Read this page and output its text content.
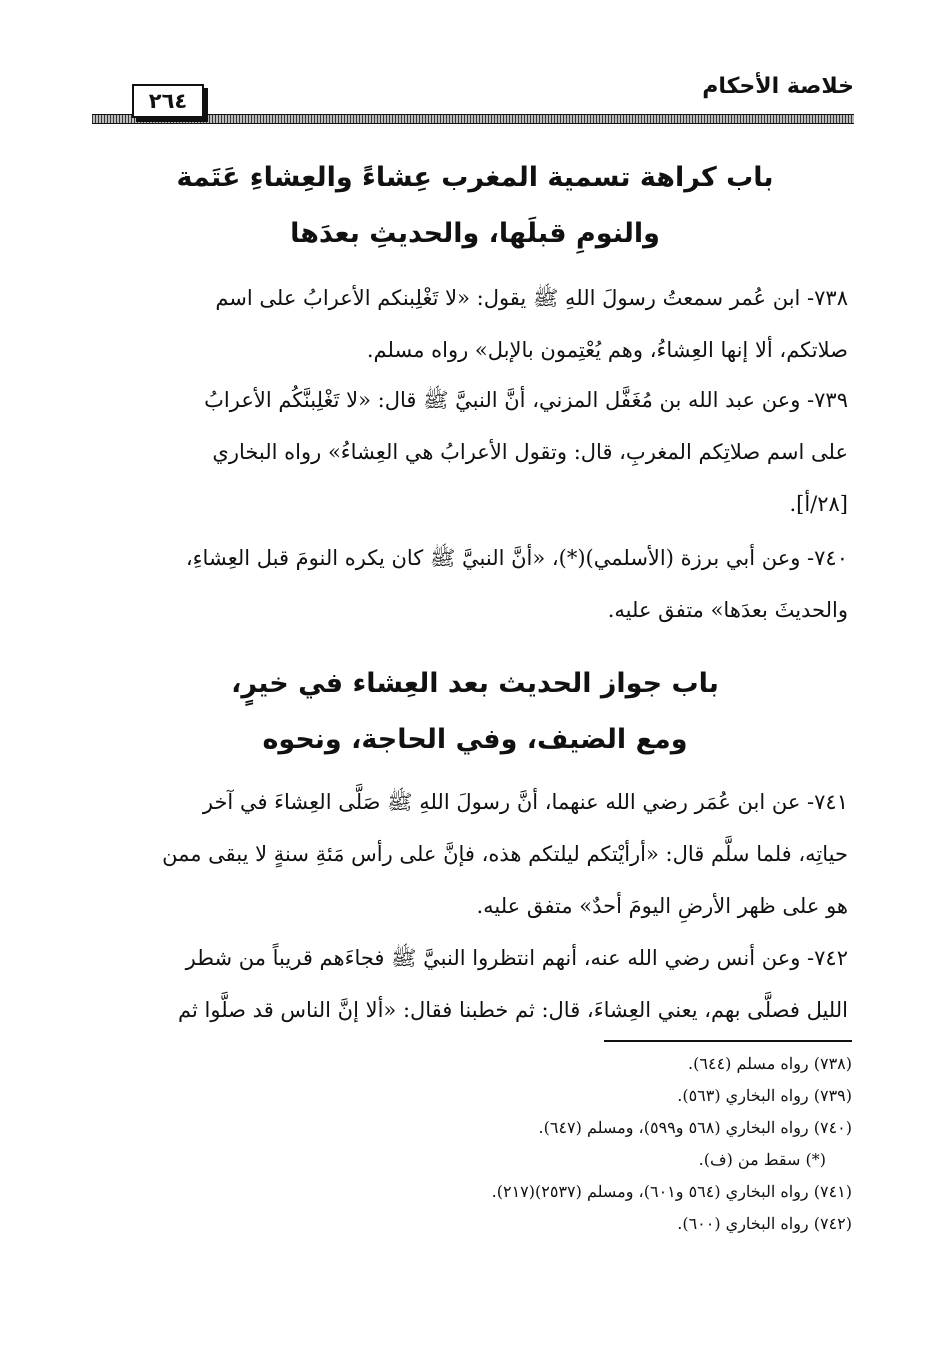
خلاصة الأحكام
٢٦٤
باب كراهة تسمية المغرب عِشاءً والعِشاءِ عَتَمة
والنومِ قبلَها، والحديثِ بعدَها
٧٣٨- ابن عُمر سمعتُ رسولَ اللهِ ﷺ يقول: «لا تَغْلِبنكم الأعرابُ على اسم
صلاتكم، ألا إنها العِشاءُ، وهم يُعْتِمون بالإبل» رواه مسلم.
٧٣٩- وعن عبد الله بن مُغَفَّل المزني، أنَّ النبيَّ ﷺ قال: «لا تَغْلِبنَّكُم الأعرابُ
على اسم صلاتِكم المغربِ، قال: وتقول الأعرابُ هي العِشاءُ» رواه البخاري
[٢٨/أ].
٧٤٠- وعن أبي برزة (الأسلمي)(*)، «أنَّ النبيَّ ﷺ كان يكره النومَ قبل العِشاءِ،
والحديثَ بعدَها» متفق عليه.
باب جواز الحديث بعد العِشاء في خيرٍ،
ومع الضيف، وفي الحاجة، ونحوه
٧٤١- عن ابن عُمَر رضي الله عنهما، أنَّ رسولَ اللهِ ﷺ صَلَّى العِشاءَ في آخر
حياتِه، فلما سلَّم قال: «أرأيْتكم ليلتكم هذه، فإنَّ على رأس مَئةِ سنةٍ لا يبقى ممن
هو على ظهر الأرضِ اليومَ أحدٌ» متفق عليه.
٧٤٢- وعن أنس رضي الله عنه، أنهم انتظروا النبيَّ ﷺ فجاءَهم قريباً من شطر
الليل فصلَّى بهم، يعني العِشاءَ، قال: ثم خطبنا فقال: «ألا إنَّ الناس قد صلَّوا ثم
(٧٣٨) رواه مسلم (٦٤٤).
(٧٣٩) رواه البخاري (٥٦٣).
(٧٤٠) رواه البخاري (٥٦٨ و٥٩٩)، ومسلم (٦٤٧).
(*) سقط من (ف).
(٧٤١) رواه البخاري (٥٦٤ و٦٠١)، ومسلم (٢٥٣٧)(٢١٧).
(٧٤٢) رواه البخاري (٦٠٠).
